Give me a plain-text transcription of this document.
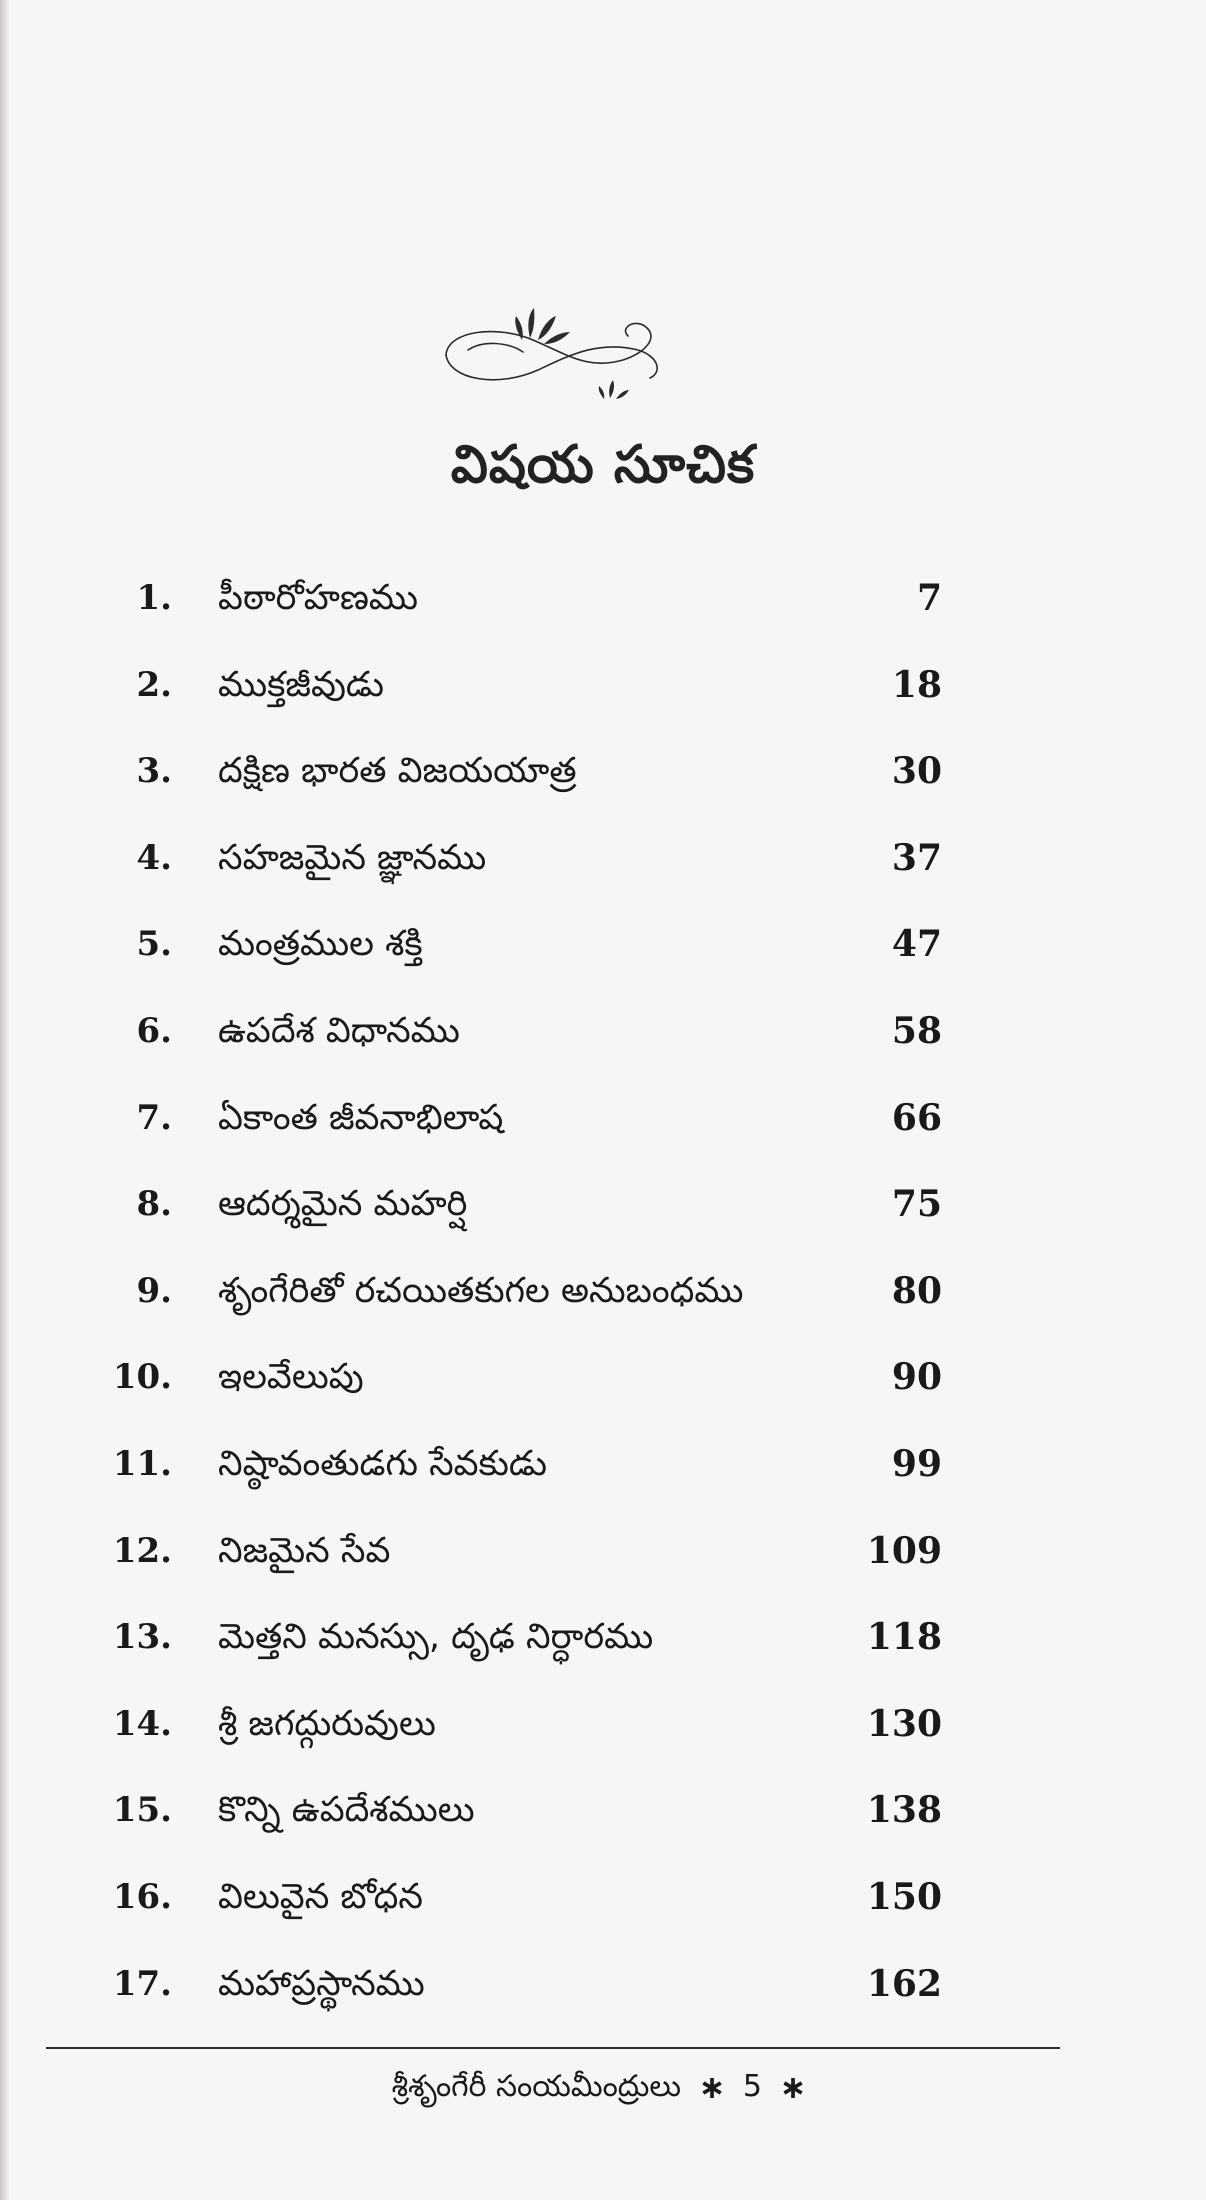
విషయ సూచిక
1. పీఠారోహణము	7
2. ముక్తజీవుడు	18
3. దక్షిణ భారత విజయయాత్ర	30
4. సహజమైన జ్ఞానము	37
5. మంత్రముల శక్తి	47
6. ఉపదేశ విధానము	58
7. ఏకాంత జీవనాభిలాష	66
8. ఆదర్శమైన మహర్షి	75
9. శృంగేరితో రచయితకుగల అనుబంధము	80
10. ఇలవేలుపు	90
11. నిష్ఠావంతుడగు సేవకుడు	99
12. నిజమైన సేవ	109
13. మెత్తని మనస్సు, దృఢ నిర్ధారము	118
14. శ్రీ జగద్గురువులు	130
15. కొన్ని ఉపదేశములు	138
16. విలువైన బోధన	150
17. మహాప్రస్థానము	162
శ్రీశృంగేరీ సంయమీంద్రులు ∗ 5 ∗
